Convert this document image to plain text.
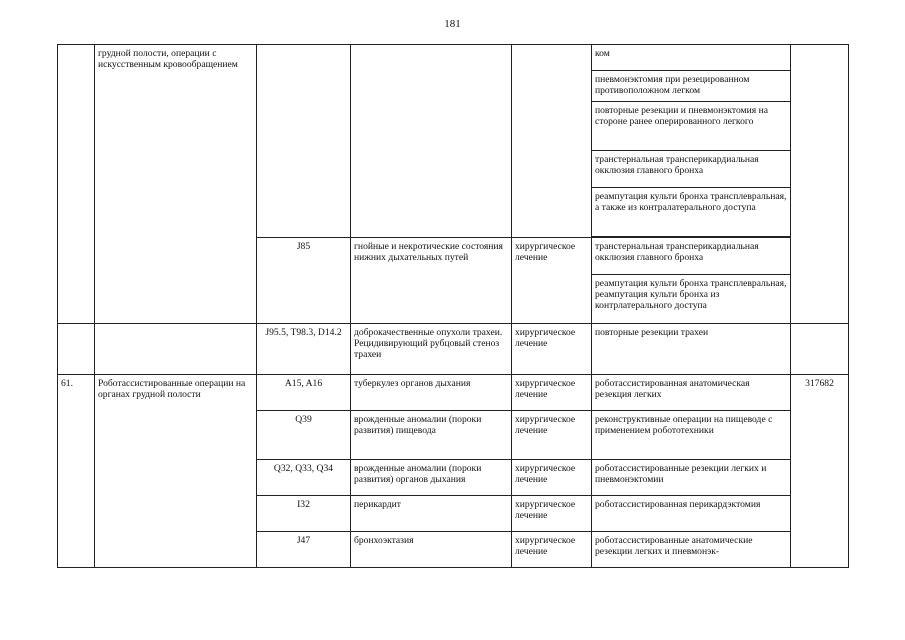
181
	грудной полости, операции с искусственным кровообращением				ком	
					пневмонэктомия при резецированном противоположном легком	
					повторные резекции и пневмонэктомия на стороне ранее оперированного легкого	
					транстернальная трансперикардиальная окклюзия главного бронха	
					реампутация культи бронха трансплевральная, а также из контралатерального доступа	

		J85	гнойные и некротические состояния нижних дыхательных путей	хирургическое лечение	транстернальная трансперикардиальная окклюзия главного бронха	
					реампутация культи бронха трансплевральная, реампутация культи бронха из контрлатерального доступа	
		J95.5, T98.3, D14.2	доброкачественные опухоли трахеи. Рецидивирующий рубцовый стеноз трахеи	хирургическое лечение	повторные резекции трахеи	
61.	Роботассистированные операции на органах грудной полости	A15, A16	туберкулез органов дыхания	хирургическое лечение	роботассистированная анатомическая резекция легких	317682
		Q39	врожденные аномалии (пороки развития) пищевода	хирургическое лечение	реконструктивные операции на пищеводе с применением робототехники	
		Q32, Q33, Q34	врожденные аномалии (пороки развития) органов дыхания	хирургическое лечение	роботассистированные резекции легких и пневмонэктомии	
		I32	перикардит	хирургическое лечение	роботассистированная перикардэктомия	
		J47	бронхоэктазия	хирургическое лечение	роботассистированные анатомические резекции легких и пневмонэк-	
